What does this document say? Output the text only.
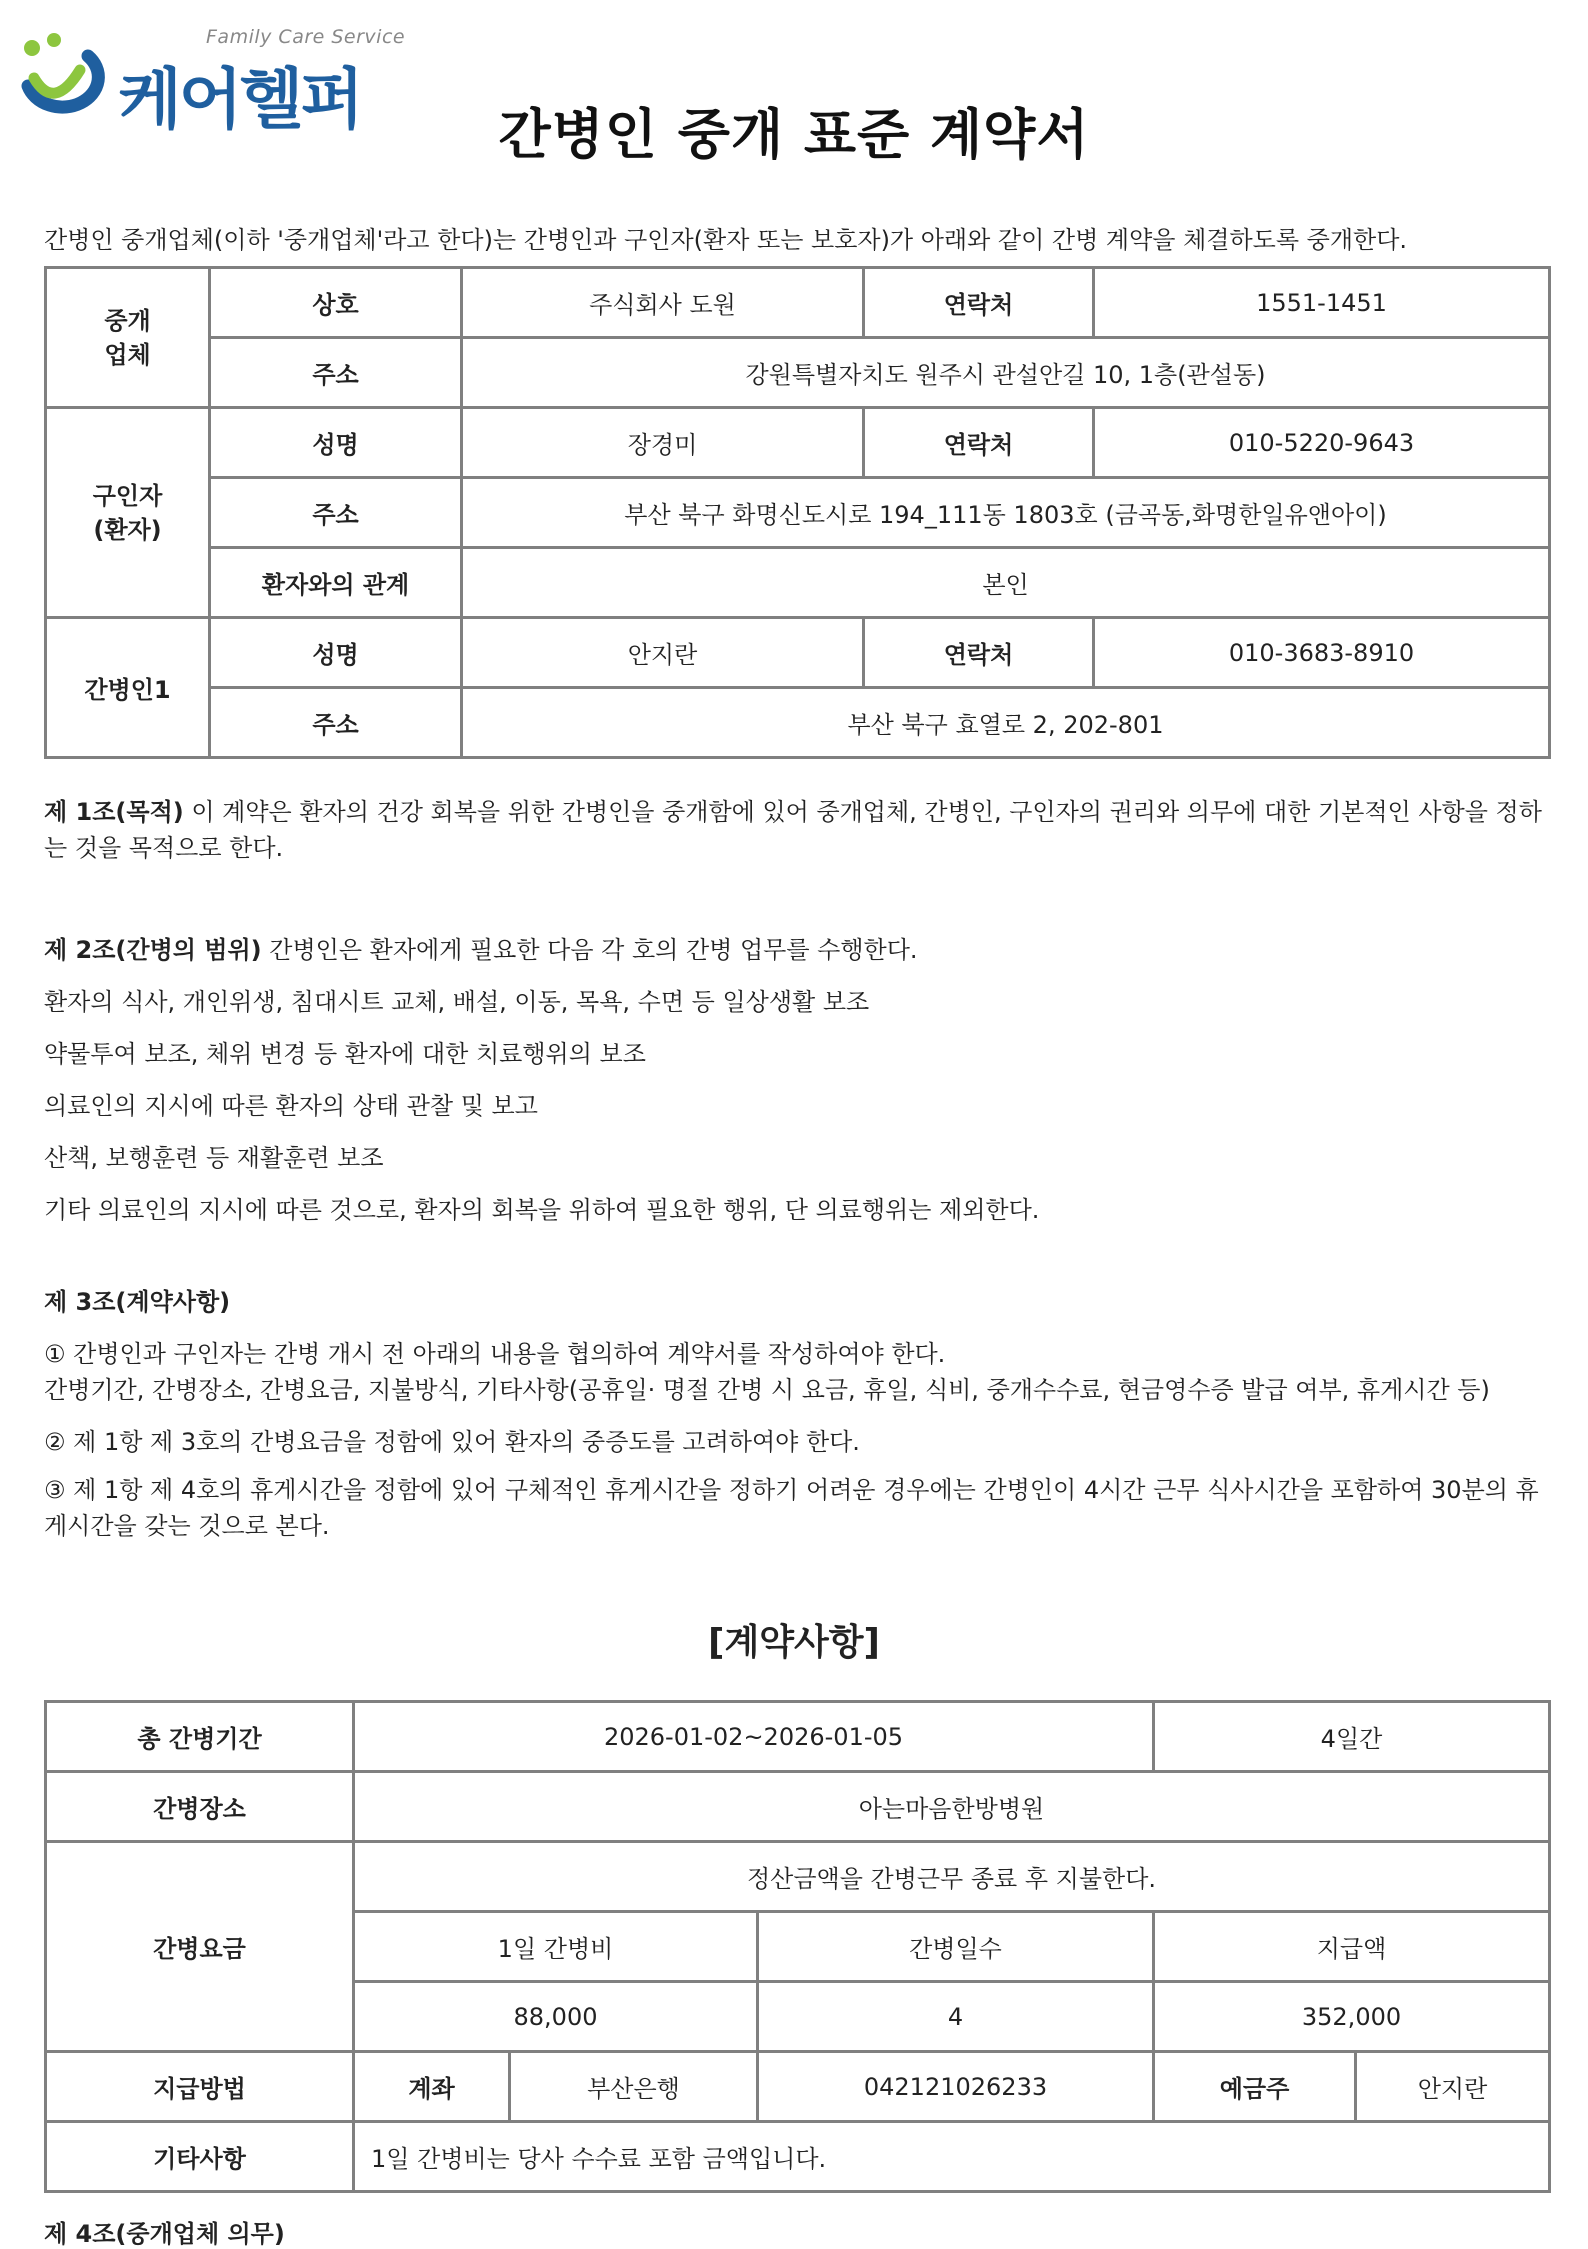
Family Care Service
케어헬퍼	간병인 중개 표준 계약서
간병인 중개업체(이하 '중개업체'라고 한다)는 간병인과 구인자(환자 또는 보호자)가 아래와 같이 간병 계약을 체결하도록 중개한다.
중개
업체	상호	주식회사 도원	연락처	1551-1451
	주소	강원특별자치도 원주시 관설안길 10, 1층(관설동)		
구인자
(환자)	성명	장경미	연락처	010-5220-9643
	주소	부산 북구 화명신도시로 194_111동 1803호 (금곡동,화명한일유앤아이)		
	환자와의 관계	본인		
간병인1	성명	안지란	연락처	010-3683-8910
	주소	부산 북구 효열로 2, 202-801		
제 1조(목적) 이 계약은 환자의 건강 회복을 위한 간병인을 중개함에 있어 중개업체, 간병인, 구인자의 권리와 의무에 대한 기본적인 사항을 정하는 것을 목적으로 한다.
제 2조(간병의 범위) 간병인은 환자에게 필요한 다음 각 호의 간병 업무를 수행한다.
환자의 식사, 개인위생, 침대시트 교체, 배설, 이동, 목욕, 수면 등 일상생활 보조
약물투여 보조, 체위 변경 등 환자에 대한 치료행위의 보조
의료인의 지시에 따른 환자의 상태 관찰 및 보고
산책, 보행훈련 등 재활훈련 보조
기타 의료인의 지시에 따른 것으로, 환자의 회복을 위하여 필요한 행위, 단 의료행위는 제외한다.
제 3조(계약사항)
① 간병인과 구인자는 간병 개시 전 아래의 내용을 협의하여 계약서를 작성하여야 한다.
간병기간, 간병장소, 간병요금, 지불방식, 기타사항(공휴일· 명절 간병 시 요금, 휴일, 식비, 중개수수료, 현금영수증 발급 여부, 휴게시간 등)
② 제 1항 제 3호의 간병요금을 정함에 있어 환자의 중증도를 고려하여야 한다.
③ 제 1항 제 4호의 휴게시간을 정함에 있어 구체적인 휴게시간을 정하기 어려운 경우에는 간병인이 4시간 근무 식사시간을 포함하여 30분의 휴게시간을 갖는 것으로 본다.
[계약사항]
총 간병기간	2026-01-02~2026-01-05			4일간	
간병장소	아는마음한방병원				
간병요금	정산금액을 간병근무 종료 후 지불한다.				
	1일 간병비		간병일수	지급액	
	88,000		4	352,000	
지급방법	계좌	부산은행	042121026233	예금주	안지란
기타사항	1일 간병비는 당사 수수료 포함 금액입니다.				
제 4조(중개업체 의무)
